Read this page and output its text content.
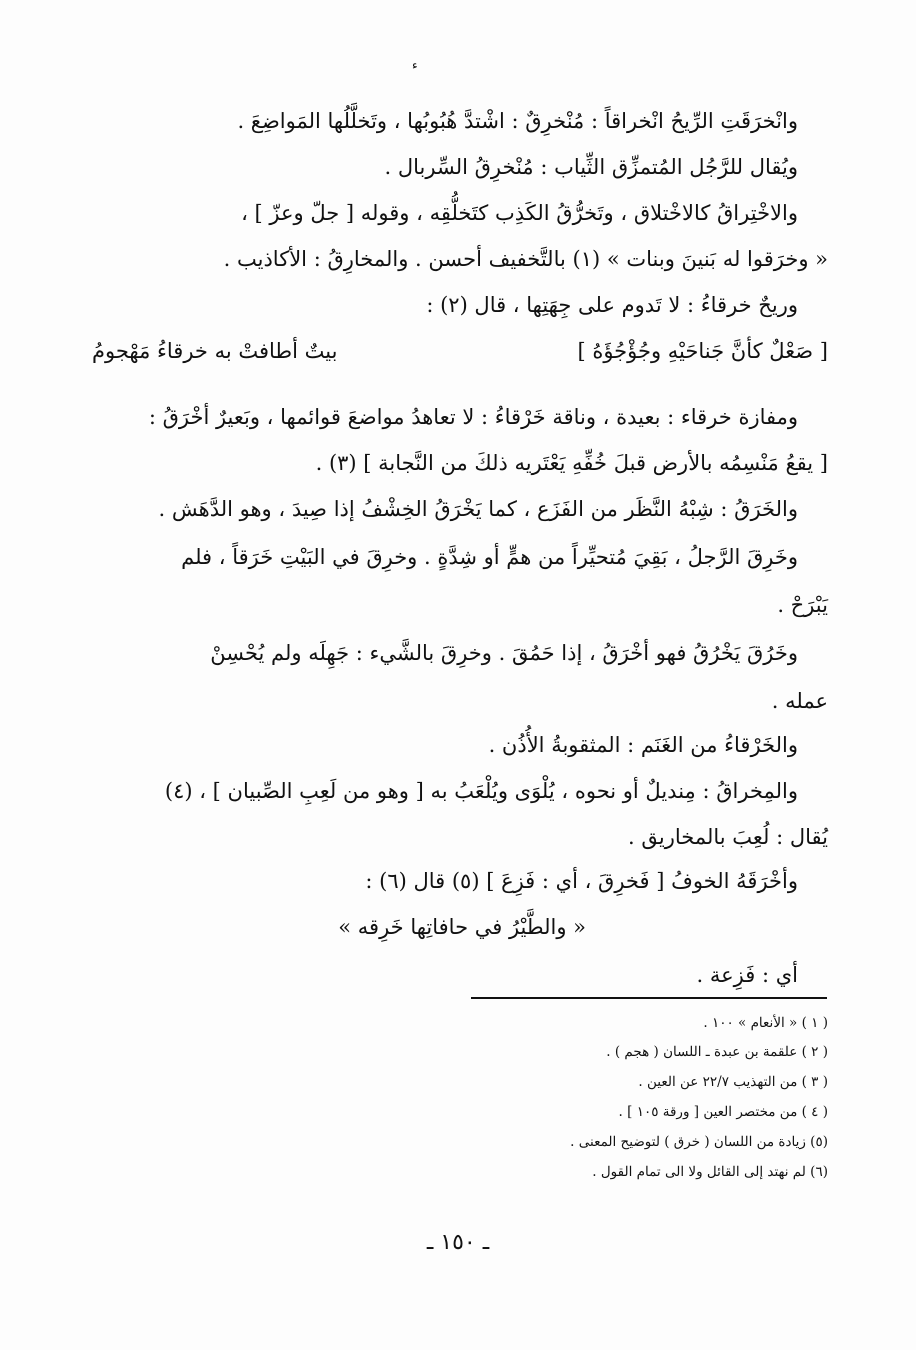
ء
وانْخرَقَتِ الرِّيحُ انْخراقاً : مُنْخرِقٌ : اشْتدَّ هُبُوبُها ، وتَخلَّلُها المَواضِعَ .
ويُقال للرَّجُل المُتمزِّق الثِّياب : مُنْخرِقُ السِّربال .
والاخْتِراقُ كالاخْتلاق ، وتَخرُّقُ الكَذِب كتَخلُّقِه ، وقوله [ جلّ وعزّ ] ،
« وخرَقوا له بَنينَ وبنات » (١) بالتَّخفيف أحسن . والمخارِقُ : الأكاذيب .
وريحٌ خرقاءُ : لا تَدوم على جِهَتِها ، قال (٢) :
[ صَعْلٌ كأنَّ جَناحَيْهِ وجُؤْجُؤَهُ ]
بيتٌ أطافتْ به خرقاءُ مَهْجومُ
ومفازة خرقاء : بعيدة ، وناقة خَرْقاءُ : لا تعاهدُ مواضعَ قوائمها ، وبَعيرٌ أخْرَقُ :
[ يقعُ مَنْسِمُه بالأرض قبلَ خُفِّهِ يَعْتَريه ذلكَ من النَّجابة ] (٣) .
والخَرَقُ : شِبْهُ النَّظَر من الفَزَع ، كما يَخْرَقُ الخِشْفُ إذا صِيدَ ، وهو الدَّهَش .
وخَرِقَ الرَّجلُ ، بَقِيَ مُتحيِّراً من همٍّ أو شِدَّةٍ . وخرِقَ في البَيْتِ خَرَقاً ، فلم
يَبْرَحْ .
وخَرُقَ يَخْرُقُ فهو أخْرَقُ ، إذا حَمُقَ . وخرِقَ بالشَّيء : جَهِلَه ولم يُحْسِنْ
عمله .
والخَرْقاءُ من الغَنَم : المثقوبةُ الأُذُن .
والمِخراقُ : مِنديلٌ أو نحوه ، يُلْوَى ويُلْعَبُ به [ وهو من لَعِبِ الصِّبيان ] ، (٤)
يُقال : لُعِبَ بالمخاريق .
وأخْرَقَهُ الخوفُ [ فَخرِقَ ، أي : فَزِعَ ] (٥) قال (٦) :
« والطَّيْرُ في حافاتِها خَرِقه »
أي : فَزِعة .
( ١ ) « الأنعام » ١٠٠ .
( ٢ ) علقمة بن عبدة ـ اللسان ( هجم ) .
( ٣ ) من التهذيب ٢٢/٧ عن العين .
( ٤ ) من مختصر العين [ ورقة ١٠٥ ] .
(٥) زيادة من اللسان ( خرق ) لتوضيح المعنى .
(٦) لم نهتد إلى القائل ولا الى تمام القول .
ـ ١٥٠ ـ
